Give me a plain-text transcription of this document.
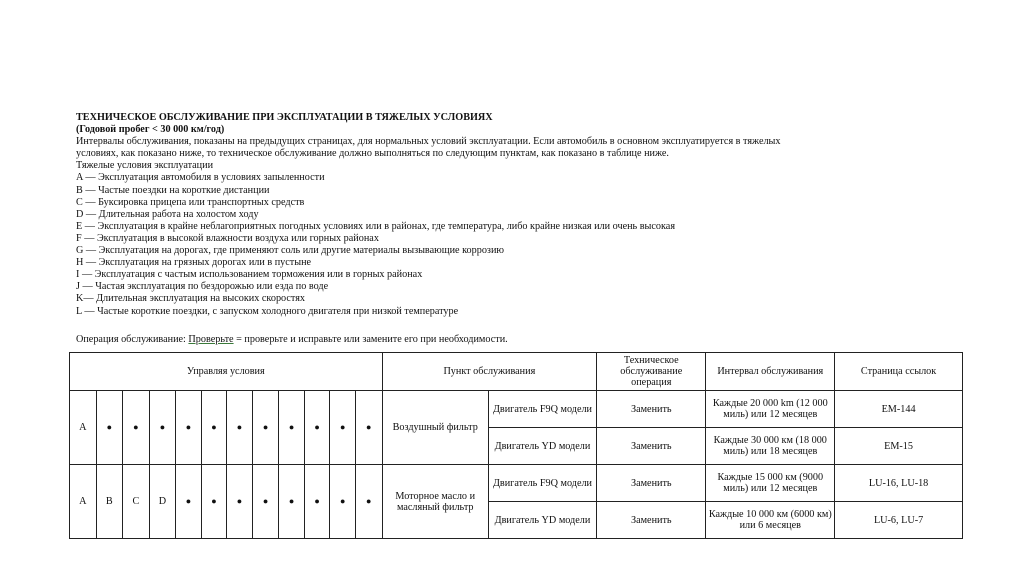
ТЕХНИЧЕСКОЕ ОБСЛУЖИВАНИЕ ПРИ ЭКСПЛУАТАЦИИ В ТЯЖЕЛЫХ УСЛОВИЯХ
(Годовой пробег < 30 000 км/год)
Интервалы обслуживания, показаны на предыдущих страницах, для нормальных условий эксплуатации. Если автомобиль в основном эксплуатируется в тяжелых
условиях, как показано ниже, то техническое обслуживание должно выполняться по следующим пунктам, как показано в таблице ниже.
Тяжелые условия эксплуатации
A — Эксплуатация автомобиля в условиях запыленности
B — Частые поездки на короткие дистанции
C — Буксировка прицепа или транспортных средств
D — Длительная работа на холостом ходу
E — Эксплуатация в крайне неблагоприятных погодных условиях или в районах, где температура, либо крайне низкая или очень высокая
F — Эксплуатация в высокой влажности воздуха или горных районах
G — Эксплуатация на дорогах, где применяют соль или другие материалы вызывающие коррозию
H — Эксплуатация на грязных дорогах или в пустыне
I — Эксплуатация с частым использованием торможения или в горных районах
J — Частая эксплуатация по бездорожью или езда по воде
K— Длительная эксплуатация на высоких скоростях
L — Частые короткие поездки, с запуском холодного двигателя при низкой температуре
Операция обслуживание: Проверьте = проверьте и исправьте или замените его при необходимости.
Управляя условия												Пункт обслуживания		Техническое обслуживание операция	Интервал обслуживания	Страница ссылок
A	●	●	●	●	●	●	●	●	●	●	●	Воздушный фильтр	Двигатель F9Q модели	Заменить	Каждые 20 000 km (12 000 миль) или 12 месяцев	EM-144
													Двигатель YD модели	Заменить	Каждые 30 000 км (18 000 миль) или 18 месяцев	EM-15
A	B	C	D	●	●	●	●	●	●	●	●	Моторное масло и масляный фильтр	Двигатель F9Q модели	Заменить	Каждые 15 000 км (9000 миль) или 12 месяцев	LU-16, LU-18
													Двигатель YD модели	Заменить	Каждые 10 000 км (6000 км) или 6 месяцев	LU-6, LU-7
